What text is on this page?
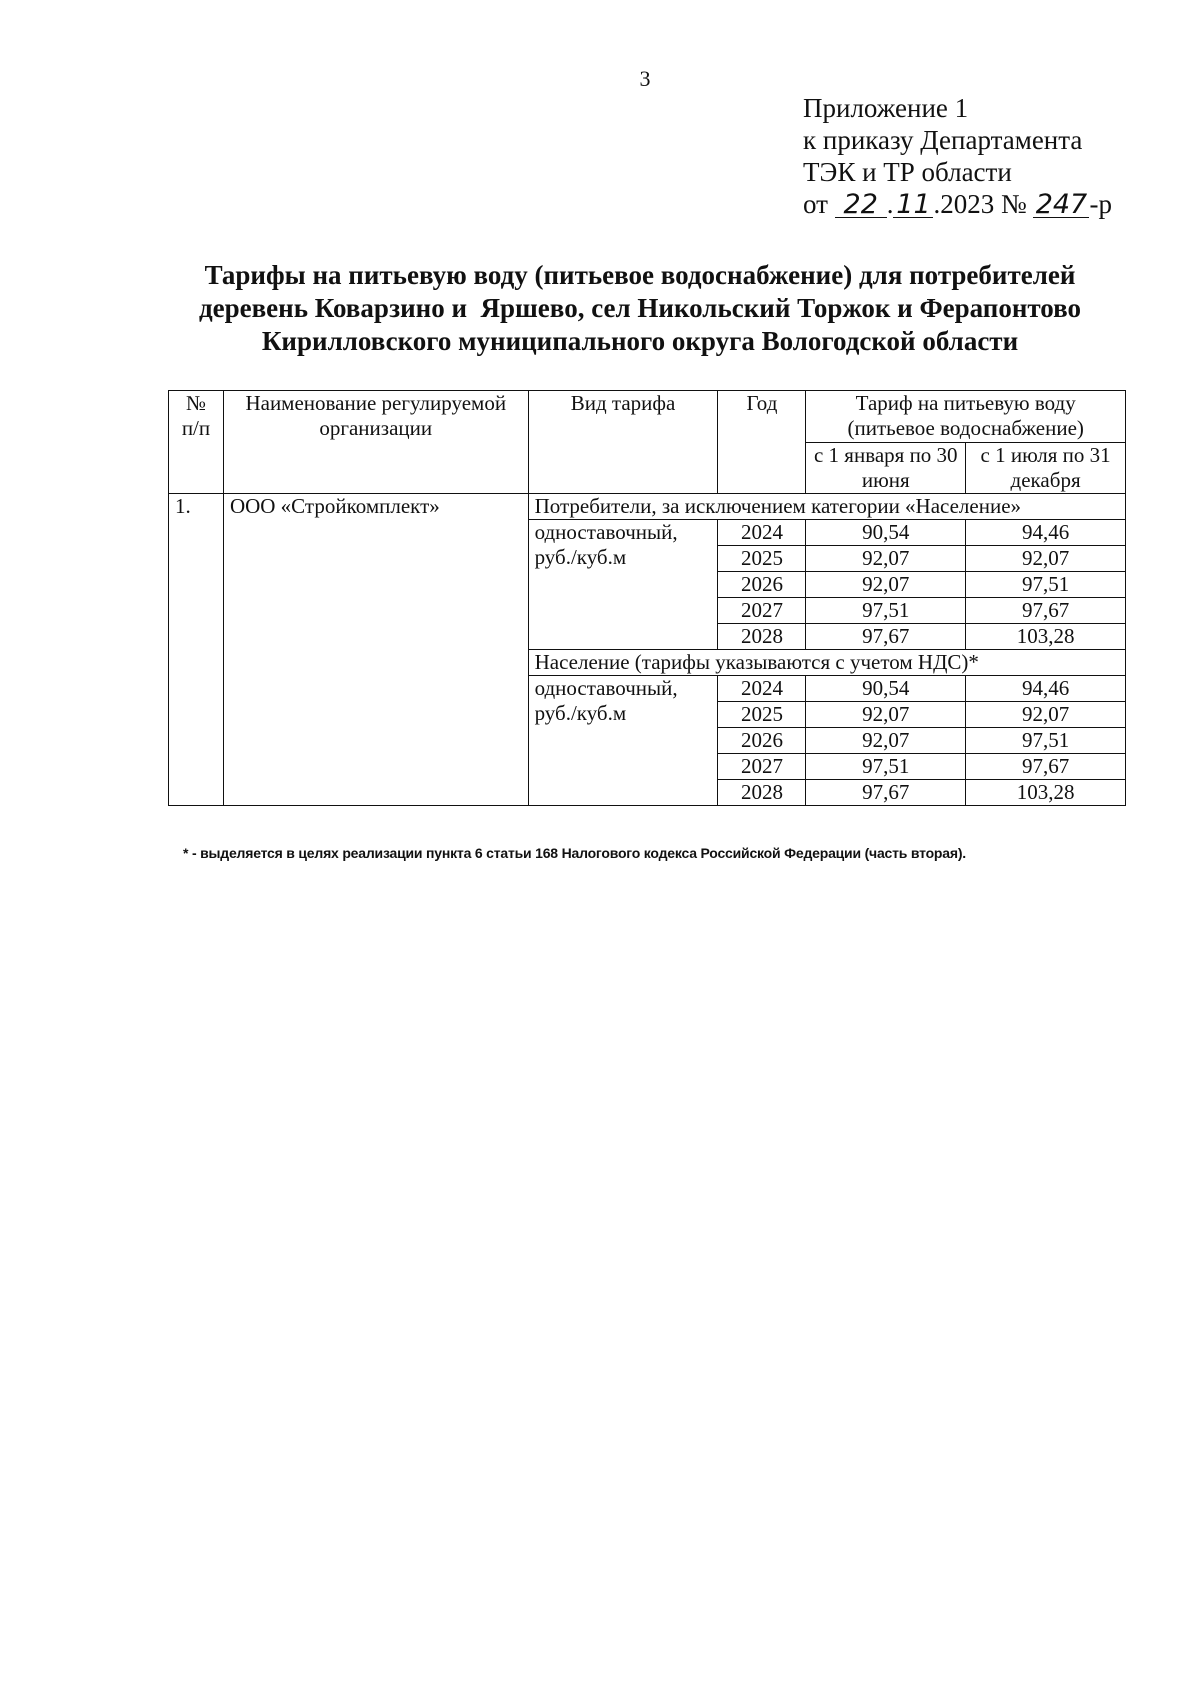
3
Приложение 1
к приказу Департамента
ТЭК и ТР области
от 22 . 11 .2023 № 247-р
Тарифы на питьевую воду (питьевое водоснабжение) для потребителей
деревень Коварзино и  Яршево, сел Никольский Торжок и Ферапонтово
Кирилловского муниципального округа Вологодской области
№ п/п	Наименование регулируемой организации	Вид тарифа	Год	Тариф на питьевую воду (питьевое водоснабжение)	
				с 1 января по 30 июня	с 1 июля по 31 декабря
1.	ООО «Стройкомплект»	Потребители, за исключением категории «Население»			
		одноставочный, руб./куб.м	2024	90,54	94,46
			2025	92,07	92,07
			2026	92,07	97,51
			2027	97,51	97,67
			2028	97,67	103,28
		Население (тарифы указываются с учетом НДС)*			
		одноставочный, руб./куб.м	2024	90,54	94,46
			2025	92,07	92,07
			2026	92,07	97,51
			2027	97,51	97,67
			2028	97,67	103,28
* - выделяется в целях реализации пункта 6 статьи 168 Налогового кодекса Российской Федерации (часть вторая).
